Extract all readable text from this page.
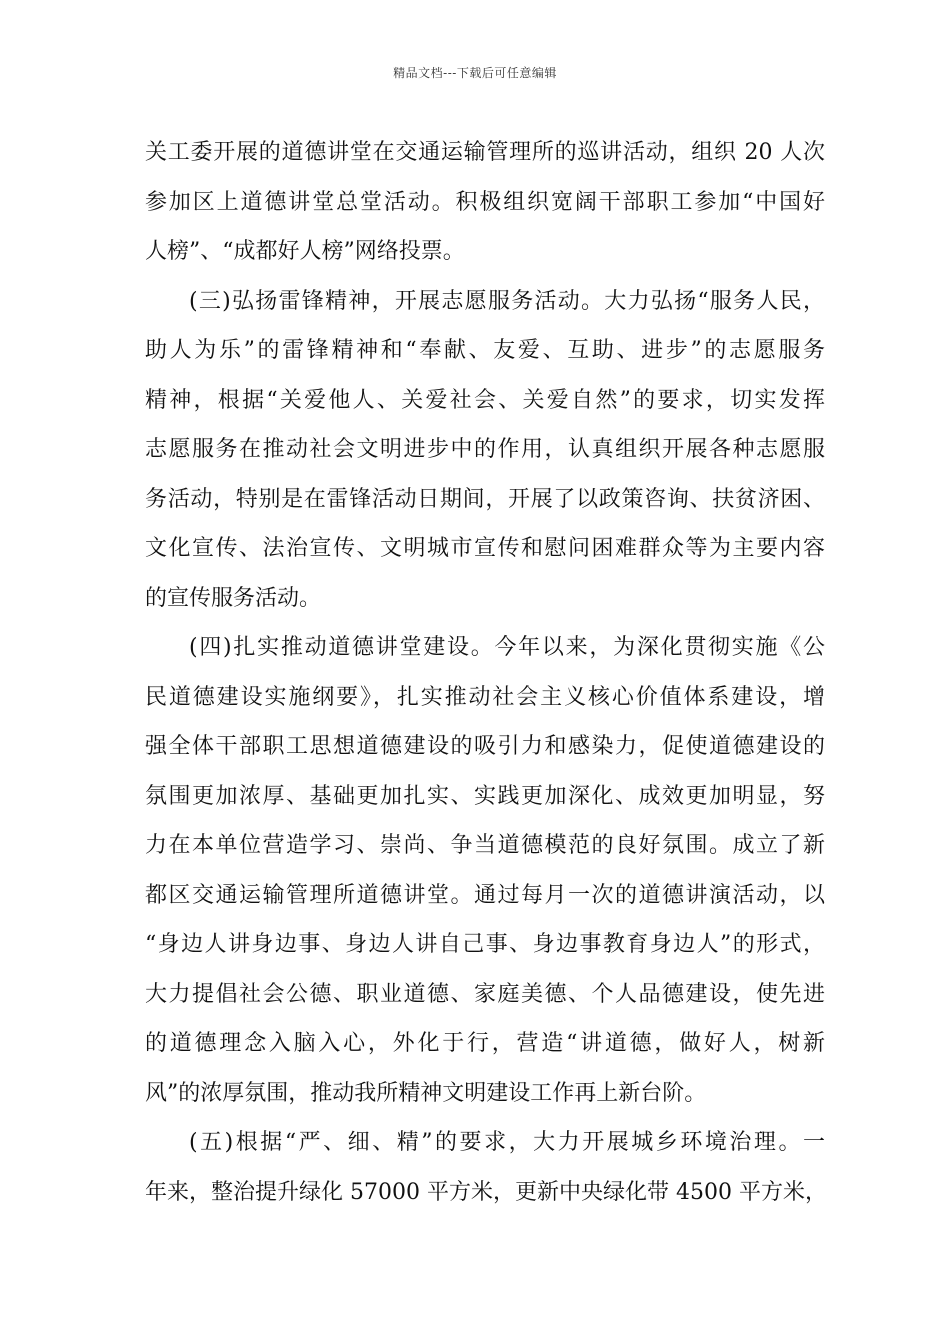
精品文档---下载后可任意编辑
关工委开展的道德讲堂在交通运输管理所的巡讲活动，组织 20 人次
参加区上道德讲堂总堂活动。积极组织宽阔干部职工参加“中国好
人榜”、“成都好人榜”网络投票。
(三)弘扬雷锋精神，开展志愿服务活动。大力弘扬“服务人民，
助人为乐”的雷锋精神和“奉献、友爱、互助、进步”的志愿服务
精神，根据“关爱他人、关爱社会、关爱自然”的要求，切实发挥
志愿服务在推动社会文明进步中的作用，认真组织开展各种志愿服
务活动，特别是在雷锋活动日期间，开展了以政策咨询、扶贫济困、
文化宣传、法治宣传、文明城市宣传和慰问困难群众等为主要内容
的宣传服务活动。
(四)扎实推动道德讲堂建设。今年以来，为深化贯彻实施《公
民道德建设实施纲要》，扎实推动社会主义核心价值体系建设，增
强全体干部职工思想道德建设的吸引力和感染力，促使道德建设的
氛围更加浓厚、基础更加扎实、实践更加深化、成效更加明显，努
力在本单位营造学习、崇尚、争当道德模范的良好氛围。成立了新
都区交通运输管理所道德讲堂。通过每月一次的道德讲演活动，以
“身边人讲身边事、身边人讲自己事、身边事教育身边人”的形式，
大力提倡社会公德、职业道德、家庭美德、个人品德建设，使先进
的道德理念入脑入心，外化于行，营造“讲道德，做好人，树新
风”的浓厚氛围，推动我所精神文明建设工作再上新台阶。
(五)根据“严、细、精”的要求，大力开展城乡环境治理。一
年来，整治提升绿化 57000 平方米，更新中央绿化带 4500 平方米，
